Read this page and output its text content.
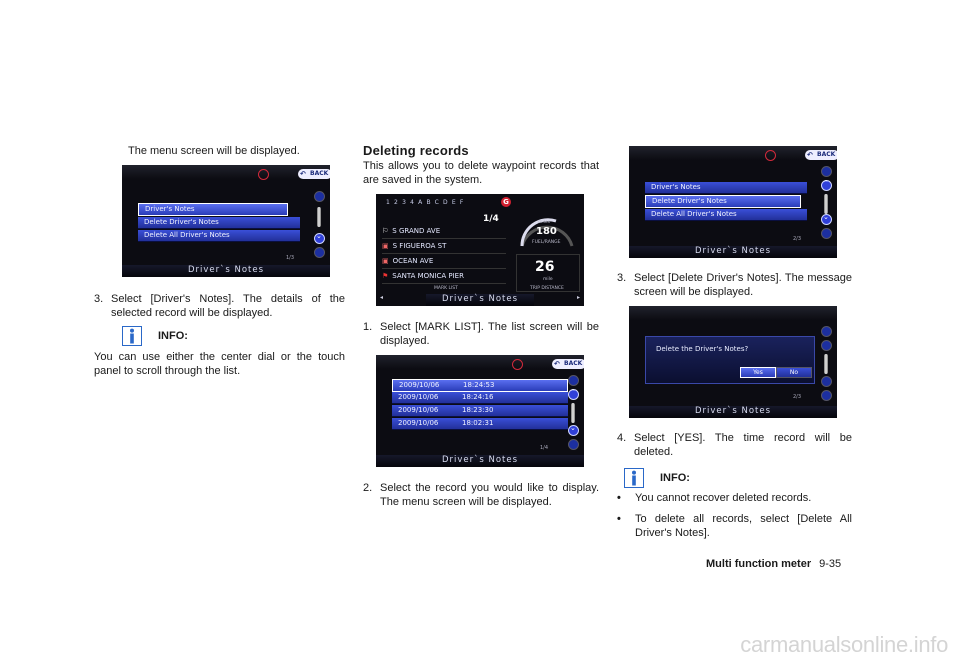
The menu screen will be displayed.

↶ BACK
Driver's Notes
Delete Driver's Notes
Delete All Driver's Notes	⌄
1/3
Driver`s Notes
3. Select [Driver's Notes]. The details of the selected record will be displayed.
INFO:

You can use either the center dial or the touch panel to scroll through the list.

Deleting records

This allows you to delete waypoint records that are saved in the system.

1234ABCDEF	G
1/4
⚐ S GRAND AVE
▣ S FIGUEROA ST
▣ OCEAN AVE
⚑ SANTA MONICA PIER
miles
180
FUEL/RANGE
26
mile
MARK LIST	TRIP DISTANCE
◂	▸
Driver`s Notes
1. Select [MARK LIST]. The list screen will be displayed.
↶ BACK
2009/10/06	18:24:53
2009/10/06	18:24:16
2009/10/06	18:23:30
2009/10/06	18:02:31
⌃
⌄
1/4
Driver`s Notes
2. Select the record you would like to display. The menu screen will be displayed.
↶ BACK
Driver's Notes
Delete Driver's Notes
Delete All Driver's Notes
⌃
⌄
2/3
Driver`s Notes
3. Select [Delete Driver's Notes]. The message screen will be displayed.
Delete the Driver's Notes?
Yes	No
2/3
Driver`s Notes
4. Select [YES]. The time record will be deleted.
INFO:
•	You cannot recover deleted records.
•	To delete all records, select [Delete All Driver's Notes].
Multi function meter 9-35
carmanualsonline.info
